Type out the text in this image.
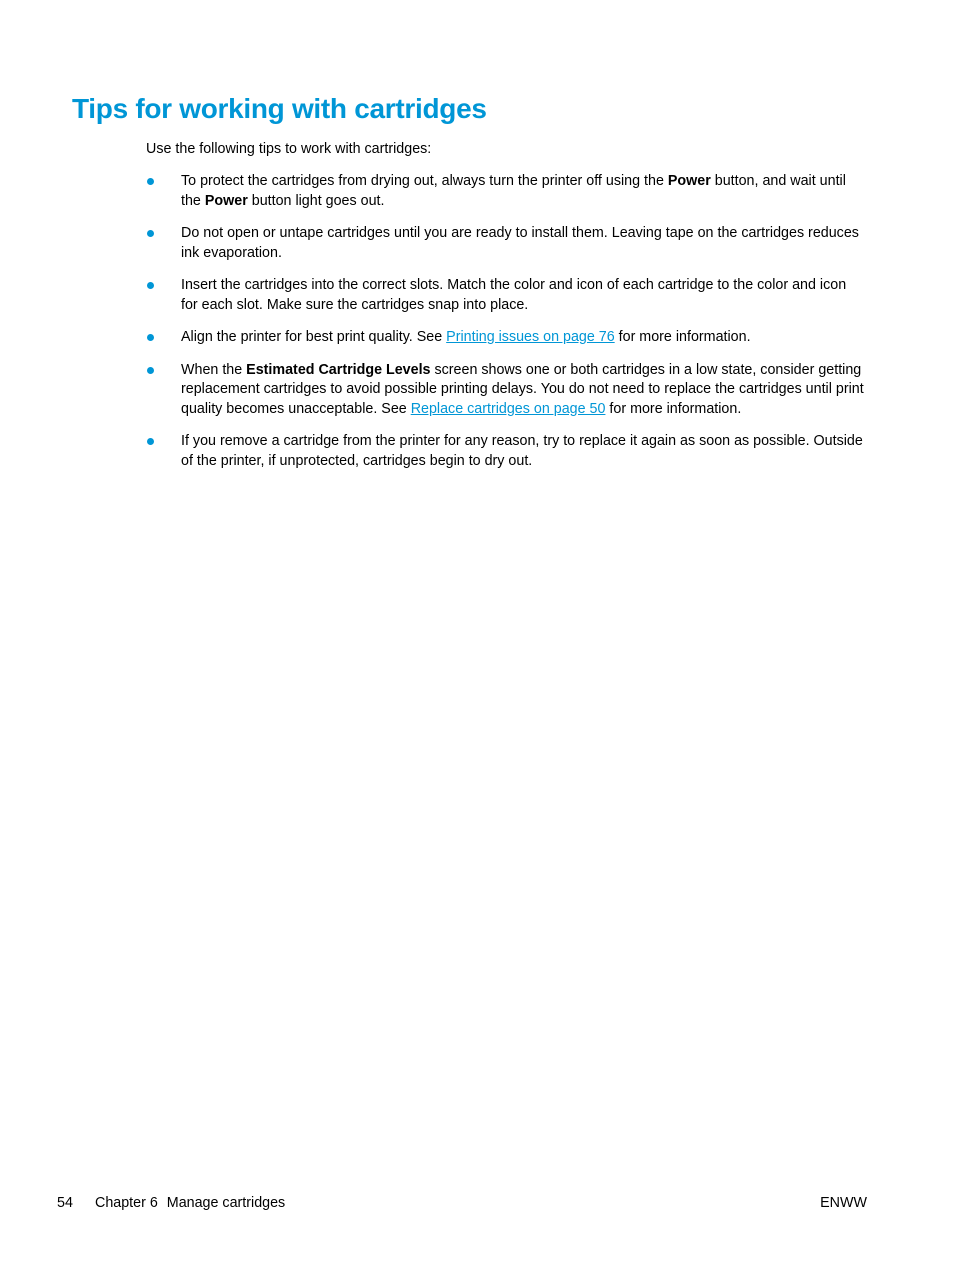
Tips for working with cartridges

Use the following tips to work with cartridges:

To protect the cartridges from drying out, always turn the printer off using the Power button, and wait until the Power button light goes out.
Do not open or untape cartridges until you are ready to install them. Leaving tape on the cartridges reduces ink evaporation.
Insert the cartridges into the correct slots. Match the color and icon of each cartridge to the color and icon for each slot. Make sure the cartridges snap into place.
Align the printer for best print quality. See Printing issues on page 76 for more information.
When the Estimated Cartridge Levels screen shows one or both cartridges in a low state, consider getting replacement cartridges to avoid possible printing delays. You do not need to replace the cartridges until print quality becomes unacceptable. See Replace cartridges on page 50 for more information.
If you remove a cartridge from the printer for any reason, try to replace it again as soon as possible. Outside of the printer, if unprotected, cartridges begin to dry out.
54 Chapter 6 Manage cartridges	ENWW
